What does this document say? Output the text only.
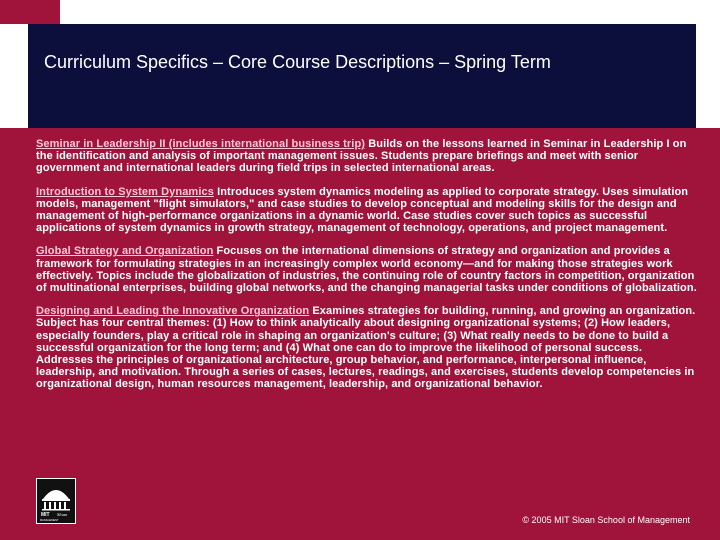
Curriculum Specifics – Core Course Descriptions – Spring Term

Seminar in Leadership II (includes international business trip) Builds on the lessons learned in Seminar in Leadership I on the identification and analysis of important management issues. Students prepare briefings and meet with senior government and international leaders during field trips in selected international areas.

Introduction to System Dynamics Introduces system dynamics modeling as applied to corporate strategy. Uses simulation models, management "flight simulators," and case studies to develop conceptual and modeling skills for the design and management of high-performance organizations in a dynamic world. Case studies cover such topics as successful applications of system dynamics in growth strategy, management of technology, operations, and project management.

Global Strategy and Organization Focuses on the international dimensions of strategy and organization and provides a framework for formulating strategies in an increasingly complex world economy—and for making those strategies work effectively. Topics include the globalization of industries, the continuing role of country factors in competition, organization of multinational enterprises, building global networks, and the changing managerial tasks under conditions of globalization.

Designing and Leading the Innovative Organization Examines strategies for building, running, and growing an organization. Subject has four central themes: (1) How to think analytically about designing organizational systems; (2) How leaders, especially founders, play a critical role in shaping an organization's culture; (3) What really needs to be done to build a successful organization for the long term; and (4) What one can do to improve the likelihood of personal success. Addresses the principles of organizational architecture, group behavior, and performance, interpersonal influence, leadership, and motivation. Through a series of cases, lectures, readings, and exercises, students develop competencies in organizational design, human resources management, leadership, and organizational behavior.

MIT Sloan
MANAGEMENT	© 2005 MIT Sloan School of Management
